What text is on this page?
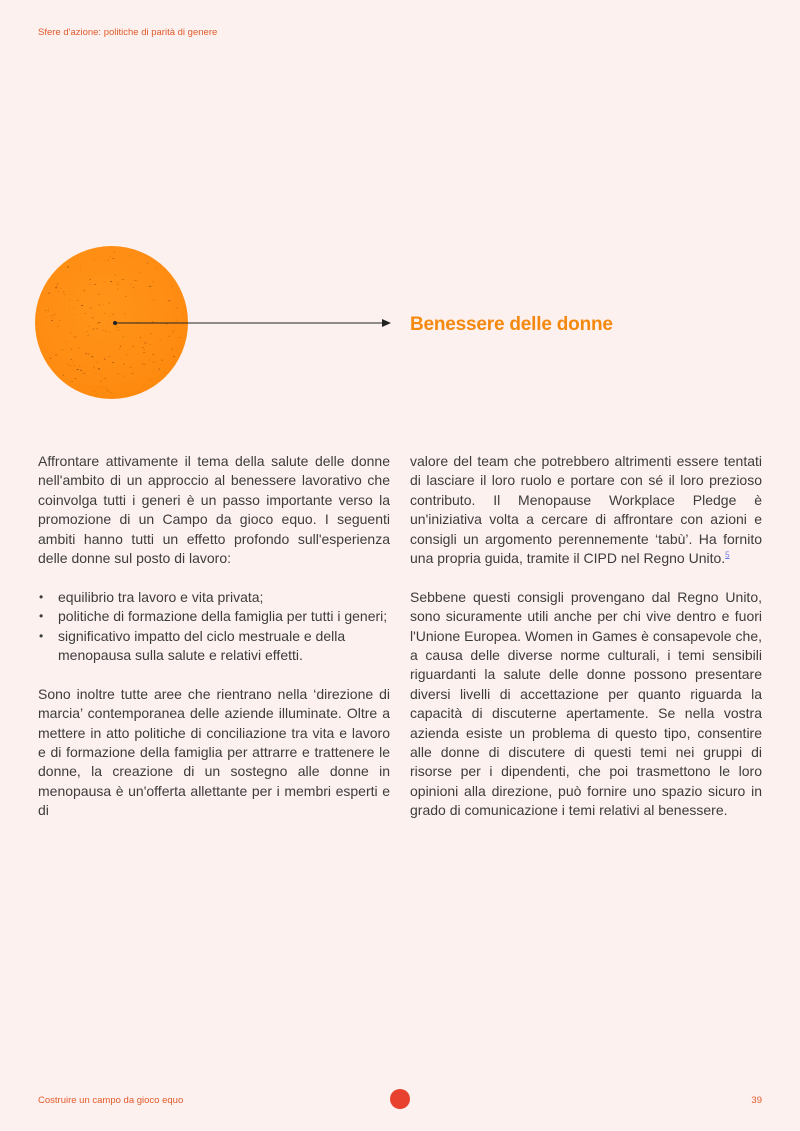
Sfere d'azione: politiche di parità di genere
Benessere delle donne

Affrontare attivamente il tema della salute delle donne nell'ambito di un approccio al benessere lavorativo che coinvolga tutti i generi è un passo importante verso la promozione di un Campo da gioco equo. I seguenti ambiti hanno tutti un effetto profondo sull'esperienza delle donne sul posto di lavoro:

• equilibrio tra lavoro e vita privata;
• politiche di formazione della famiglia per tutti i generi;
• significativo impatto del ciclo mestruale e della menopausa sulla salute e relativi effetti.

Sono inoltre tutte aree che rientrano nella ‘direzione di marcia’ contemporanea delle aziende illuminate. Oltre a mettere in atto politiche di conciliazione tra vita e lavoro e di formazione della famiglia per attrarre e trattenere le donne, la creazione di un sostegno alle donne in menopausa è un'offerta allettante per i membri esperti e di

valore del team che potrebbero altrimenti essere tentati di lasciare il loro ruolo e portare con sé il loro prezioso contributo. Il Menopause Workplace Pledge è un'iniziativa volta a cercare di affrontare con azioni e consigli un argomento perennemente ‘tabù’. Ha fornito una propria guida, tramite il CIPD nel Regno Unito.$^5$

Sebbene questi consigli provengano dal Regno Unito, sono sicuramente utili anche per chi vive dentro e fuori l'Unione Europea. Women in Games è consapevole che, a causa delle diverse norme culturali, i temi sensibili riguardanti la salute delle donne possono presentare diversi livelli di accettazione per quanto riguarda la capacità di discuterne apertamente. Se nella vostra azienda esiste un problema di questo tipo, consentire alle donne di discutere di questi temi nei gruppi di risorse per i dipendenti, che poi trasmettono le loro opinioni alla direzione, può fornire uno spazio sicuro in grado di comunicazione i temi relativi al benessere.

Costruire un campo da gioco equo	39
